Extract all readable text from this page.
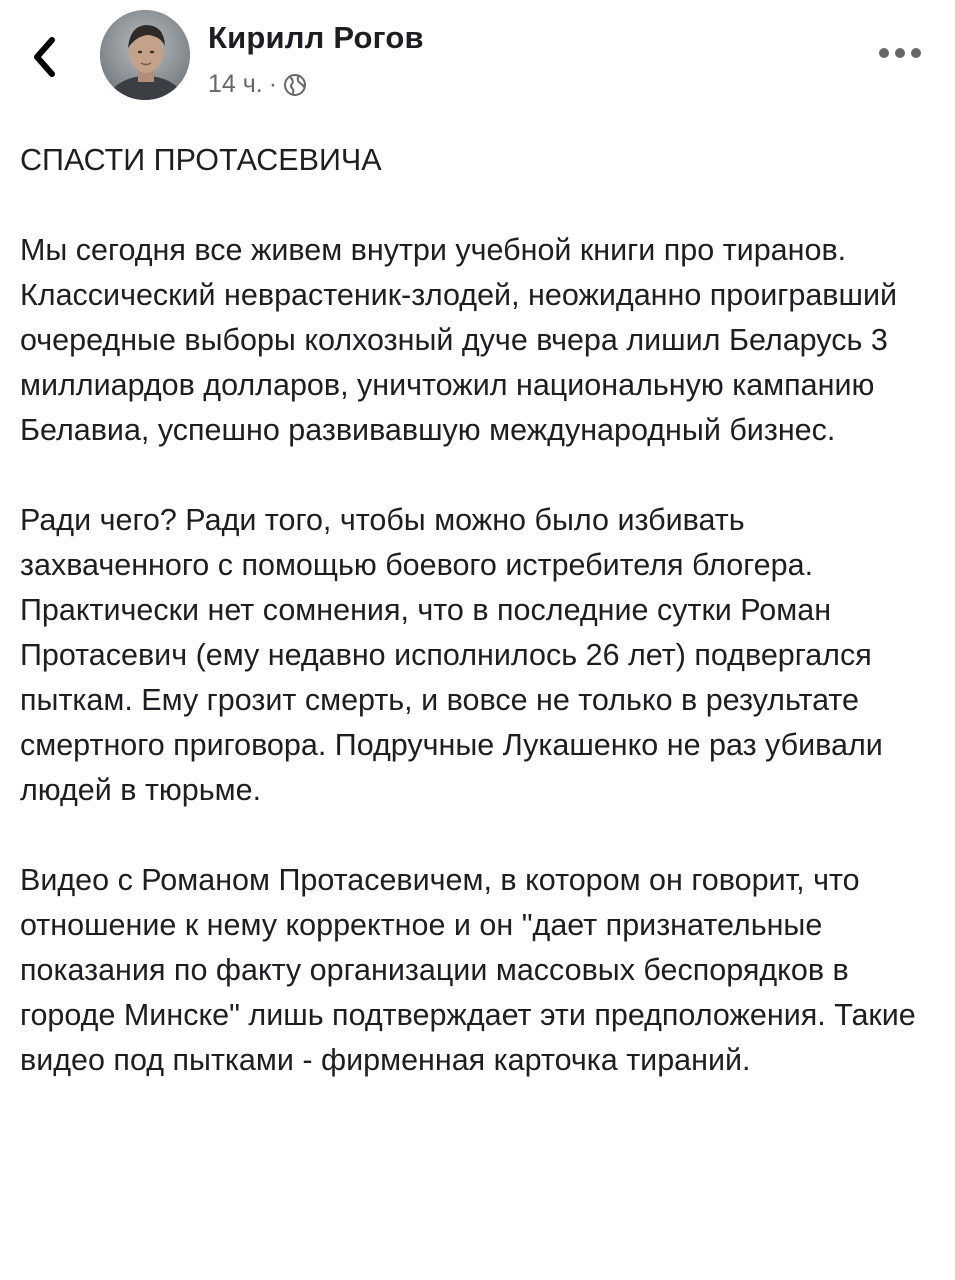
Кирилл Рогов
14 ч. ·

СПАСТИ ПРОТАСЕВИЧА

Мы сегодня все живем внутри учебной книги про тиранов. Классический неврастеник-злодей, неожиданно проигравший очередные выборы колхозный дуче вчера лишил Беларусь 3 миллиардов долларов, уничтожил национальную кампанию Белавиа, успешно развивавшую международный бизнес.

Ради чего? Ради того, чтобы можно было избивать захваченного с помощью боевого истребителя блогера. Практически нет сомнения, что в последние сутки Роман Протасевич (ему недавно исполнилось 26 лет) подвергался пыткам. Ему грозит смерть, и вовсе не только в результате смертного приговора. Подручные Лукашенко не раз убивали людей в тюрьме.

Видео с Романом Протасевичем, в котором он говорит, что отношение к нему корректное и он "дает признательные показания по факту организации массовых беспорядков в городе Минске" лишь подтверждает эти предположения. Такие видео под пытками - фирменная карточка тираний.
